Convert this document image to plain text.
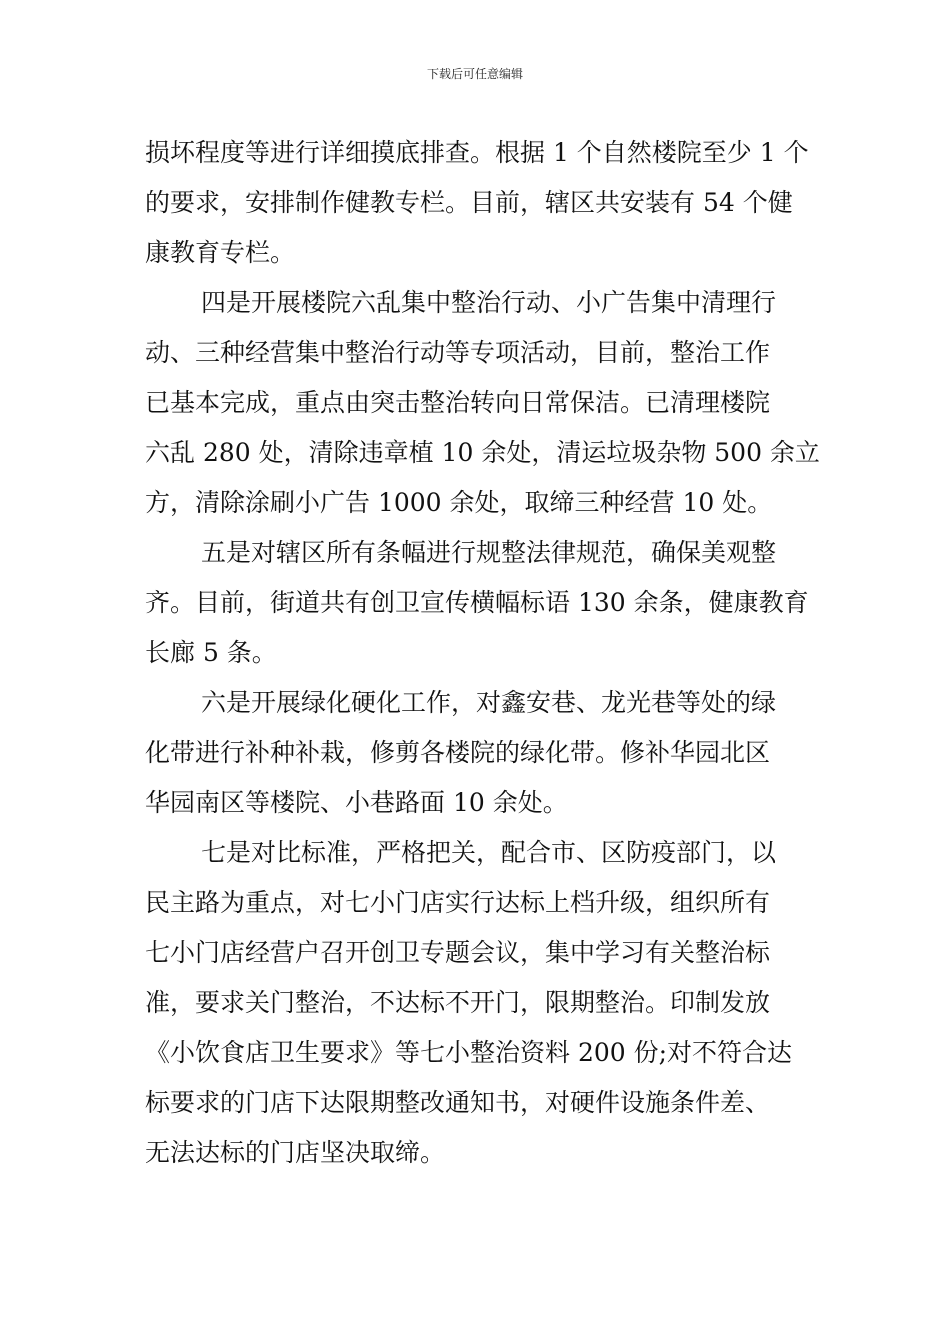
下载后可任意编辑
损坏程度等进行详细摸底排查。根据 1 个自然楼院至少 1 个
的要求，安排制作健教专栏。目前，辖区共安装有 54 个健
康教育专栏。
四是开展楼院六乱集中整治行动、小广告集中清理行
动、三种经营集中整治行动等专项活动，目前，整治工作
已基本完成，重点由突击整治转向日常保洁。已清理楼院
六乱 280 处，清除违章植 10 余处，清运垃圾杂物 500 余立
方，清除涂刷小广告 1000 余处，取缔三种经营 10 处。
五是对辖区所有条幅进行规整法律规范，确保美观整
齐。目前，街道共有创卫宣传横幅标语 130 余条，健康教育
长廊 5 条。
六是开展绿化硬化工作，对鑫安巷、龙光巷等处的绿
化带进行补种补栽，修剪各楼院的绿化带。修补华园北区
华园南区等楼院、小巷路面 10 余处。
七是对比标准，严格把关，配合市、区防疫部门，以
民主路为重点，对七小门店实行达标上档升级，组织所有
七小门店经营户召开创卫专题会议，集中学习有关整治标
准，要求关门整治，不达标不开门，限期整治。印制发放
《小饮食店卫生要求》等七小整治资料 200 份;对不符合达
标要求的门店下达限期整改通知书，对硬件设施条件差、
无法达标的门店坚决取缔。
